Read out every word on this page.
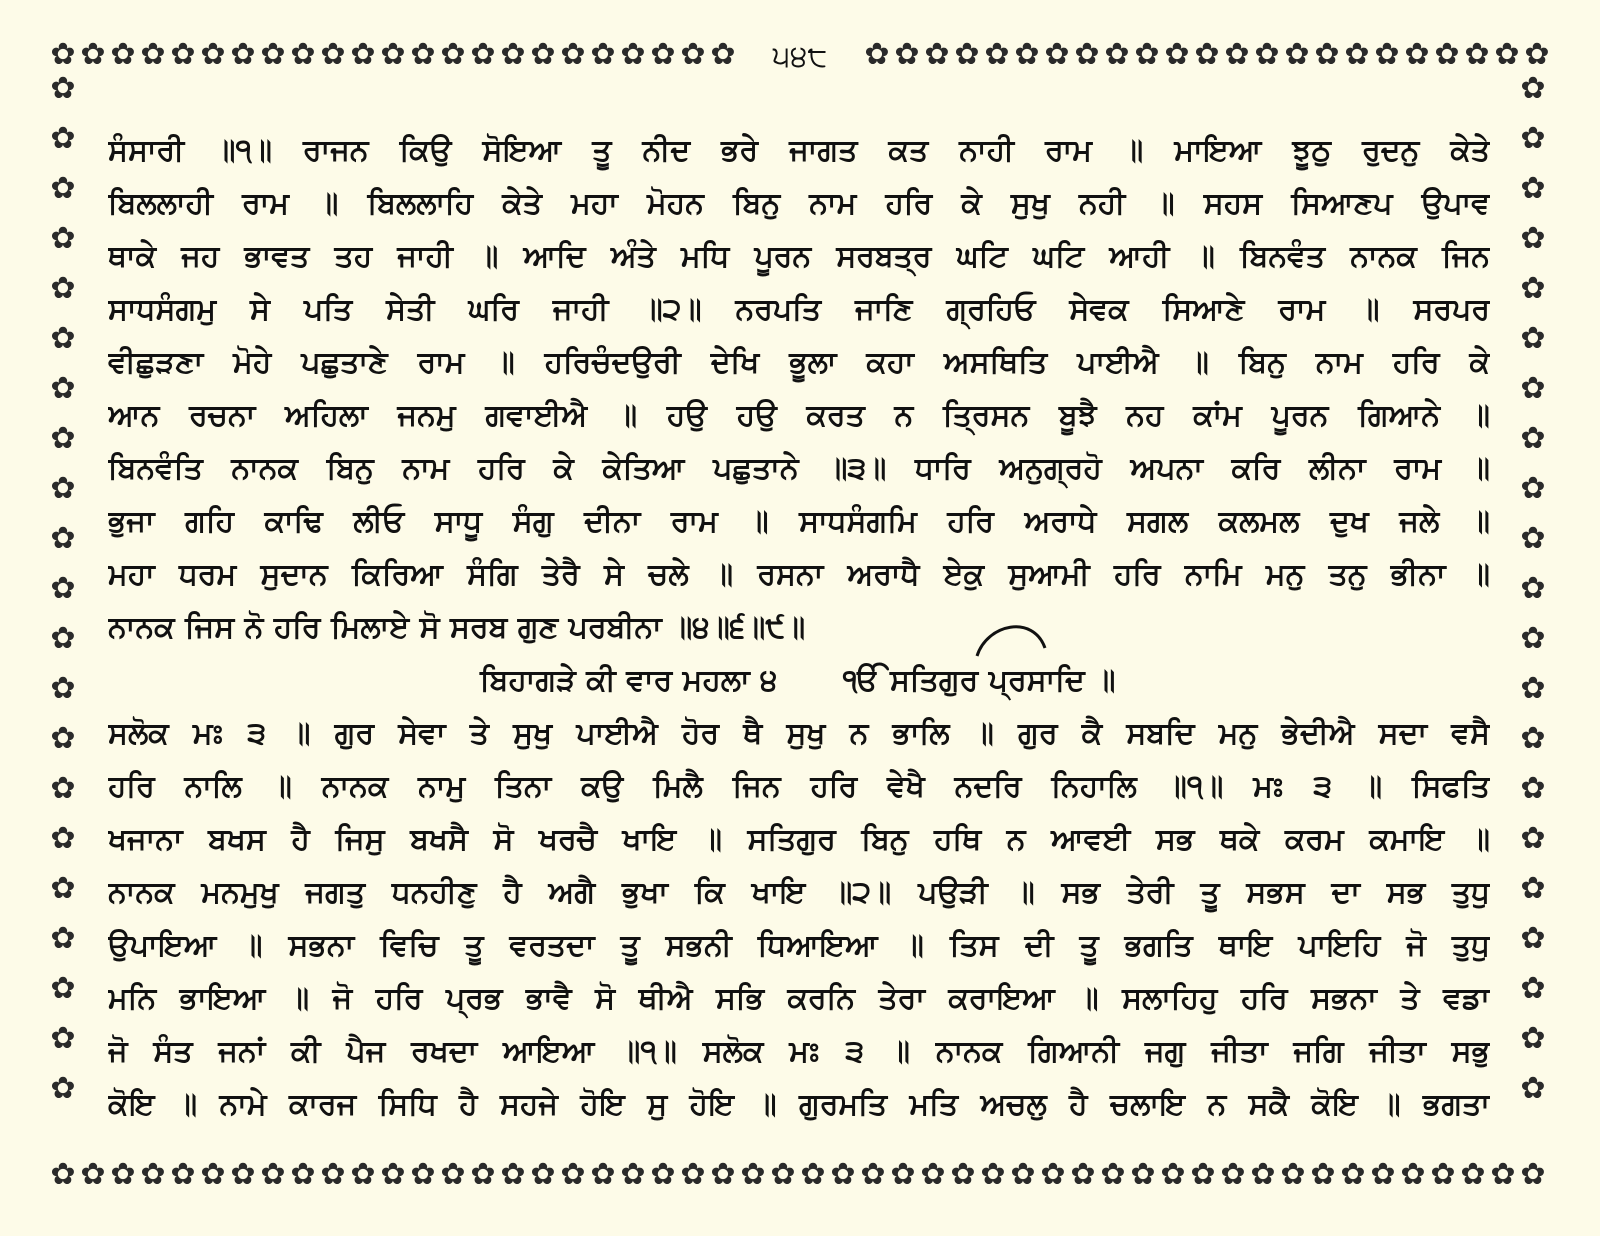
✿ ✿ ✿ ✿ ✿ ✿ ✿ ✿ ✿ ✿ ✿ ✿ ✿ ✿ ✿ ✿ ✿ ✿ ✿ ✿ ✿ ✿ ✿	੫੪੮	✿ ✿ ✿ ✿ ✿ ✿ ✿ ✿ ✿ ✿ ✿ ✿ ✿ ✿ ✿ ✿ ✿ ✿ ✿ ✿ ✿ ✿ ✿
✿
✿
✿
✿
✿
✿
✿
✿
✿
✿
✿
✿
✿
✿
✿
✿
✿
✿
✿
✿
✿
✿
✿
✿
✿
✿
✿
✿
✿
✿
✿
✿
✿
✿
✿
✿
✿
✿
✿
✿
✿
✿
✿ ✿ ✿ ✿ ✿ ✿ ✿ ✿ ✿ ✿ ✿ ✿ ✿ ✿ ✿ ✿ ✿ ✿ ✿ ✿ ✿ ✿ ✿ ✿ ✿ ✿ ✿ ✿ ✿ ✿ ✿ ✿ ✿ ✿ ✿ ✿ ✿ ✿ ✿ ✿ ✿ ✿ ✿ ✿ ✿ ✿ ✿ ✿ ✿ ✿
ਸੰਸਾਰੀ ॥੧॥ ਰਾਜਨ ਕਿਉ ਸੋਇਆ ਤੂ ਨੀਦ ਭਰੇ ਜਾਗਤ ਕਤ ਨਾਹੀ ਰਾਮ ॥ ਮਾਇਆ ਝੂਠੁ ਰੁਦਨੁ ਕੇਤੇ
ਬਿਲਲਾਹੀ ਰਾਮ ॥ ਬਿਲਲਾਹਿ ਕੇਤੇ ਮਹਾ ਮੋਹਨ ਬਿਨੁ ਨਾਮ ਹਰਿ ਕੇ ਸੁਖੁ ਨਹੀ ॥ ਸਹਸ ਸਿਆਣਪ ਉਪਾਵ
ਥਾਕੇ ਜਹ ਭਾਵਤ ਤਹ ਜਾਹੀ ॥ ਆਦਿ ਅੰਤੇ ਮਧਿ ਪੂਰਨ ਸਰਬਤ੍ਰ ਘਟਿ ਘਟਿ ਆਹੀ ॥ ਬਿਨਵੰਤ ਨਾਨਕ ਜਿਨ
ਸਾਧਸੰਗਮੁ ਸੇ ਪਤਿ ਸੇਤੀ ਘਰਿ ਜਾਹੀ ॥੨॥ ਨਰਪਤਿ ਜਾਣਿ ਗ੍ਰਹਿਓ ਸੇਵਕ ਸਿਆਣੇ ਰਾਮ ॥ ਸਰਪਰ
ਵੀਛੁੜਣਾ ਮੋਹੇ ਪਛੁਤਾਣੇ ਰਾਮ ॥ ਹਰਿਚੰਦਉਰੀ ਦੇਖਿ ਭੂਲਾ ਕਹਾ ਅਸਥਿਤਿ ਪਾਈਐ ॥ ਬਿਨੁ ਨਾਮ ਹਰਿ ਕੇ
ਆਨ ਰਚਨਾ ਅਹਿਲਾ ਜਨਮੁ ਗਵਾਈਐ ॥ ਹਉ ਹਉ ਕਰਤ ਨ ਤ੍ਰਿਸਨ ਬੂਝੈ ਨਹ ਕਾਂਮ ਪੂਰਨ ਗਿਆਨੇ ॥
ਬਿਨਵੰਤਿ ਨਾਨਕ ਬਿਨੁ ਨਾਮ ਹਰਿ ਕੇ ਕੇਤਿਆ ਪਛੁਤਾਨੇ ॥੩॥ ਧਾਰਿ ਅਨੁਗ੍ਰਹੋ ਅਪਨਾ ਕਰਿ ਲੀਨਾ ਰਾਮ ॥
ਭੁਜਾ ਗਹਿ ਕਾਢਿ ਲੀਓ ਸਾਧੂ ਸੰਗੁ ਦੀਨਾ ਰਾਮ ॥ ਸਾਧਸੰਗਮਿ ਹਰਿ ਅਰਾਧੇ ਸਗਲ ਕਲਮਲ ਦੁਖ ਜਲੇ ॥
ਮਹਾ ਧਰਮ ਸੁਦਾਨ ਕਿਰਿਆ ਸੰਗਿ ਤੇਰੈ ਸੇ ਚਲੇ ॥ ਰਸਨਾ ਅਰਾਧੈ ਏਕੁ ਸੁਆਮੀ ਹਰਿ ਨਾਮਿ ਮਨੁ ਤਨੁ ਭੀਨਾ ॥
ਨਾਨਕ ਜਿਸ ਨੋ ਹਰਿ ਮਿਲਾਏ ਸੋ ਸਰਬ ਗੁਣ ਪਰਬੀਨਾ ॥੪॥੬॥੯॥
ਬਿਹਾਗੜੇ ਕੀ ਵਾਰ ਮਹਲਾ ੪ ੴ ਸਤਿਗੁਰ ਪ੍ਰਸਾਦਿ ॥
ਸਲੋਕ ਮਃ ੩ ॥ ਗੁਰ ਸੇਵਾ ਤੇ ਸੁਖੁ ਪਾਈਐ ਹੋਰ ਥੈ ਸੁਖੁ ਨ ਭਾਲਿ ॥ ਗੁਰ ਕੈ ਸਬਦਿ ਮਨੁ ਭੇਦੀਐ ਸਦਾ ਵਸੈ
ਹਰਿ ਨਾਲਿ ॥ ਨਾਨਕ ਨਾਮੁ ਤਿਨਾ ਕਉ ਮਿਲੈ ਜਿਨ ਹਰਿ ਵੇਖੈ ਨਦਰਿ ਨਿਹਾਲਿ ॥੧॥ ਮਃ ੩ ॥ ਸਿਫਤਿ
ਖਜਾਨਾ ਬਖਸ ਹੈ ਜਿਸੁ ਬਖਸੈ ਸੋ ਖਰਚੈ ਖਾਇ ॥ ਸਤਿਗੁਰ ਬਿਨੁ ਹਥਿ ਨ ਆਵਈ ਸਭ ਥਕੇ ਕਰਮ ਕਮਾਇ ॥
ਨਾਨਕ ਮਨਮੁਖੁ ਜਗਤੁ ਧਨਹੀਣੁ ਹੈ ਅਗੈ ਭੁਖਾ ਕਿ ਖਾਇ ॥੨॥ ਪਉੜੀ ॥ ਸਭ ਤੇਰੀ ਤੂ ਸਭਸ ਦਾ ਸਭ ਤੁਧੁ
ਉਪਾਇਆ ॥ ਸਭਨਾ ਵਿਚਿ ਤੂ ਵਰਤਦਾ ਤੂ ਸਭਨੀ ਧਿਆਇਆ ॥ ਤਿਸ ਦੀ ਤੂ ਭਗਤਿ ਥਾਇ ਪਾਇਹਿ ਜੋ ਤੁਧੁ
ਮਨਿ ਭਾਇਆ ॥ ਜੋ ਹਰਿ ਪ੍ਰਭ ਭਾਵੈ ਸੋ ਥੀਐ ਸਭਿ ਕਰਨਿ ਤੇਰਾ ਕਰਾਇਆ ॥ ਸਲਾਹਿਹੁ ਹਰਿ ਸਭਨਾ ਤੇ ਵਡਾ
ਜੋ ਸੰਤ ਜਨਾਂ ਕੀ ਪੈਜ ਰਖਦਾ ਆਇਆ ॥੧॥ ਸਲੋਕ ਮਃ ੩ ॥ ਨਾਨਕ ਗਿਆਨੀ ਜਗੁ ਜੀਤਾ ਜਗਿ ਜੀਤਾ ਸਭੁ
ਕੋਇ ॥ ਨਾਮੇ ਕਾਰਜ ਸਿਧਿ ਹੈ ਸਹਜੇ ਹੋਇ ਸੁ ਹੋਇ ॥ ਗੁਰਮਤਿ ਮਤਿ ਅਚਲੁ ਹੈ ਚਲਾਇ ਨ ਸਕੈ ਕੋਇ ॥ ਭਗਤਾ
